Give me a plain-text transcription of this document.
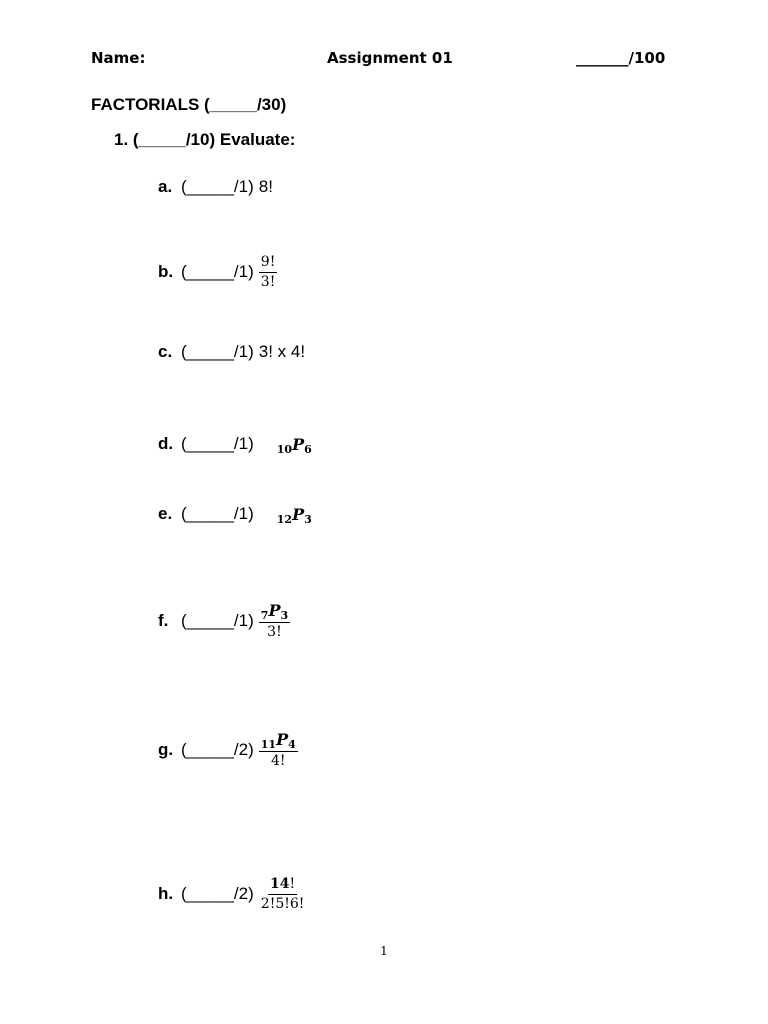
Name:	Assignment 01	_______/100
FACTORIALS (_____/30)
1. (_____/10) Evaluate:
a. (_____/1) 8!
b. (_____/1) $\frac{9!}{3!}$
c. (_____/1) 3! x 4!
d. (_____/1) 10P6
e. (_____/1) 12P3
f. (_____/1) $\frac{7P3}{3!}$
g. (_____/2) $\frac{11P4}{4!}$
h. (_____/2) $\frac{14!}{2!5!6!}$
1
